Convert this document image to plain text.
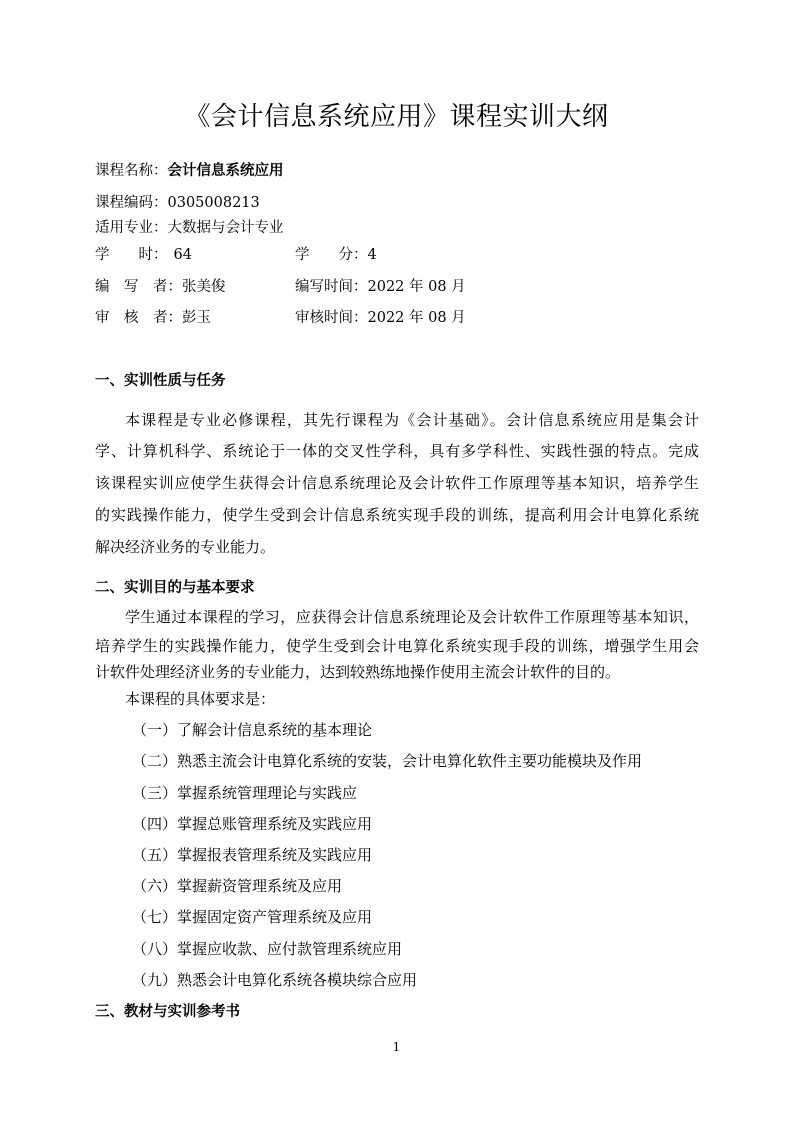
《会计信息系统应用》课程实训大纲
课程名称：会计信息系统应用
课程编码：0305008213
适用专业：大数据与会计专业
学　　时： 64	学　　分：4
编　写　者：张美俊	编写时间：2022 年 08 月
审　核　者：彭玉	审核时间：2022 年 08 月
一、实训性质与任务
本课程是专业必修课程，其先行课程为《会计基础》。会计信息系统应用是集会计
学、计算机科学、系统论于一体的交叉性学科，具有多学科性、实践性强的特点。完成
该课程实训应使学生获得会计信息系统理论及会计软件工作原理等基本知识，培养学生
的实践操作能力，使学生受到会计信息系统实现手段的训练，提高利用会计电算化系统
解决经济业务的专业能力。
二、实训目的与基本要求
学生通过本课程的学习，应获得会计信息系统理论及会计软件工作原理等基本知识，
培养学生的实践操作能力，使学生受到会计电算化系统实现手段的训练，增强学生用会
计软件处理经济业务的专业能力，达到较熟练地操作使用主流会计软件的目的。
本课程的具体要求是：
（一）了解会计信息系统的基本理论
（二）熟悉主流会计电算化系统的安装，会计电算化软件主要功能模块及作用
（三）掌握系统管理理论与实践应
（四）掌握总账管理系统及实践应用
（五）掌握报表管理系统及实践应用
（六）掌握薪资管理系统及应用
（七）掌握固定资产管理系统及应用
（八）掌握应收款、应付款管理系统应用
（九）熟悉会计电算化系统各模块综合应用
三、教材与实训参考书
1
